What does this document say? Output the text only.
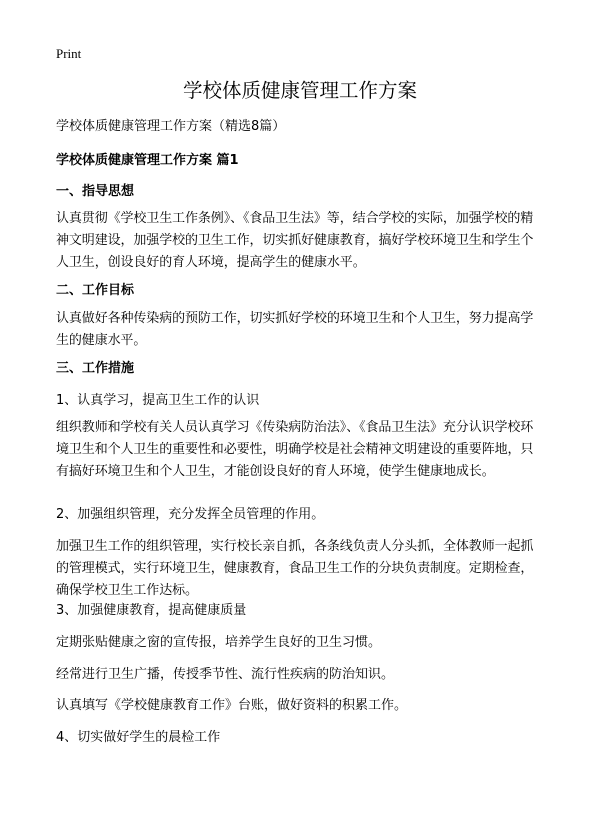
Print
学校体质健康管理工作方案

学校体质健康管理工作方案（精选8篇）

学校体质健康管理工作方案 篇1

一、指导思想

认真贯彻《学校卫生工作条例》、《食品卫生法》等，结合学校的实际，加强学校的精神文明建设，加强学校的卫生工作，切实抓好健康教育，搞好学校环境卫生和学生个人卫生，创设良好的育人环境，提高学生的健康水平。

二、工作目标

认真做好各种传染病的预防工作，切实抓好学校的环境卫生和个人卫生，努力提高学生的健康水平。

三、工作措施

1、认真学习，提高卫生工作的认识

组织教师和学校有关人员认真学习《传染病防治法》、《食品卫生法》充分认识学校环境卫生和个人卫生的重要性和必要性，明确学校是社会精神文明建设的重要阵地，只有搞好环境卫生和个人卫生，才能创设良好的育人环境，使学生健康地成长。

2、加强组织管理，充分发挥全员管理的作用。

加强卫生工作的组织管理，实行校长亲自抓，各条线负责人分头抓，全体教师一起抓的管理模式，实行环境卫生，健康教育，食品卫生工作的分块负责制度。定期检查，确保学校卫生工作达标。

3、加强健康教育，提高健康质量

定期张贴健康之窗的宣传报，培养学生良好的卫生习惯。

经常进行卫生广播，传授季节性、流行性疾病的防治知识。

认真填写《学校健康教育工作》台账，做好资料的积累工作。

4、切实做好学生的晨检工作
